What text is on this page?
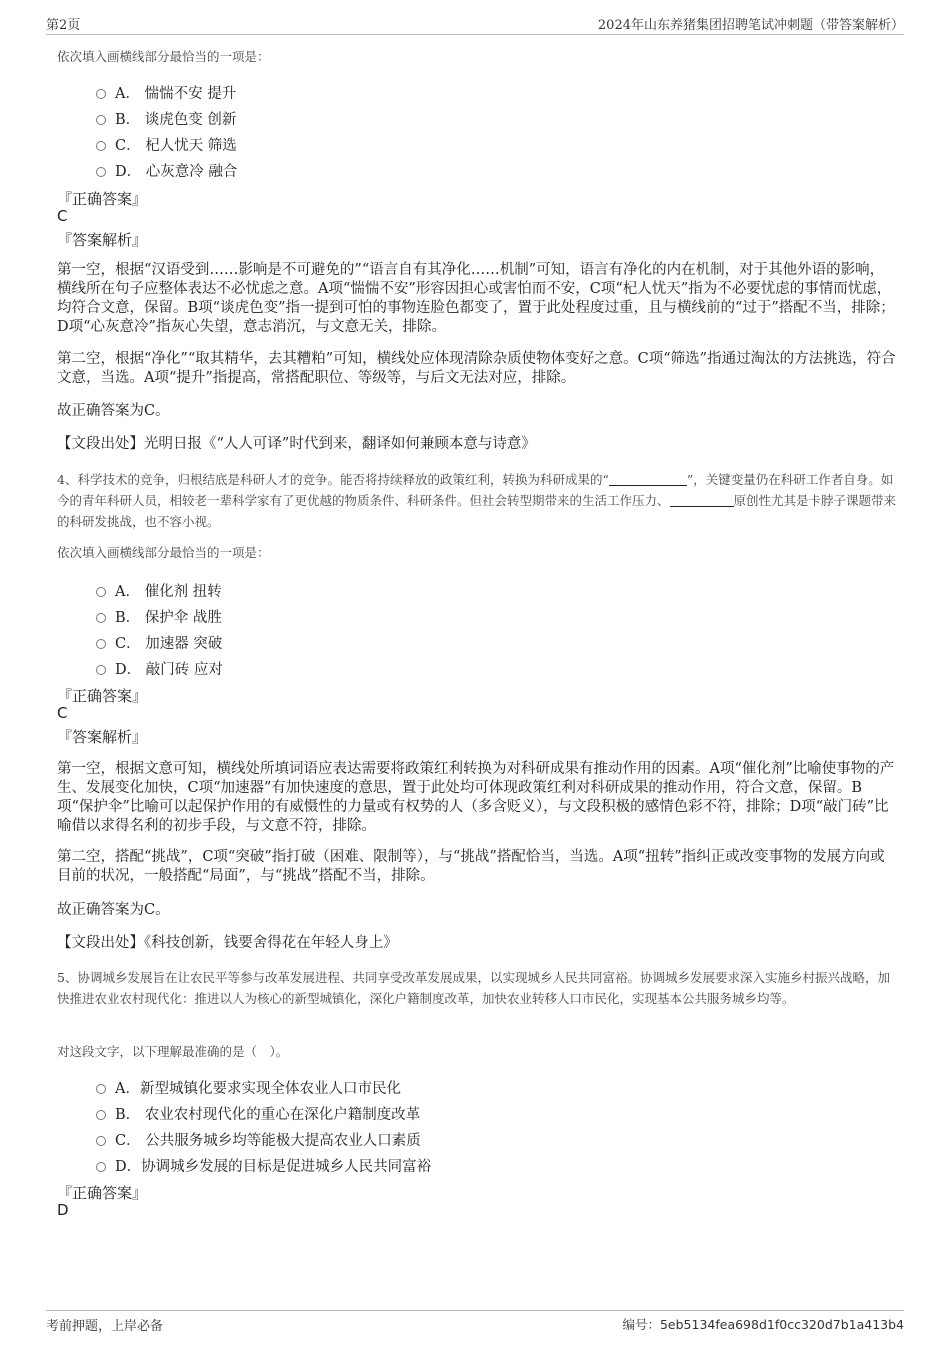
第2页	2024年山东养猪集团招聘笔试冲刺题（带答案解析）
依次填入画横线部分最恰当的一项是：
A． 惴惴不安 提升
B． 谈虎色变 创新
C． 杞人忧天 筛选
D． 心灰意冷 融合
『正确答案』
C
『答案解析』
第一空，根据“汉语受到……影响是不可避免的”“语言自有其净化……机制”可知，语言有净化的内在机制，对于其他外语的影响，横线所在句子应整体表达不必忧虑之意。A项“惴惴不安”形容因担心或害怕而不安，C项“杞人忧天”指为不必要忧虑的事情而忧虑，均符合文意，保留。B项“谈虎色变”指一提到可怕的事物连脸色都变了，置于此处程度过重，且与横线前的“过于”搭配不当，排除；D项“心灰意冷”指灰心失望，意志消沉，与文意无关，排除。
第二空，根据“净化”“取其精华，去其糟粕”可知，横线处应体现清除杂质使物体变好之意。C项“筛选”指通过淘汰的方法挑选，符合文意，当选。A项“提升”指提高，常搭配职位、等级等，与后文无法对应，排除。
故正确答案为C。
【文段出处】光明日报《“人人可译”时代到来，翻译如何兼顾本意与诗意》
4、科学技术的竞争，归根结底是科研人才的竞争。能否将持续释放的政策红利，转换为科研成果的“	”，关键变量仍在科研工作者自身。如今的青年科研人员，相较老一辈科学家有了更优越的物质条件、科研条件。但社会转型期带来的生活工作压力、	原创性尤其是卡脖子课题带来的科研发挑战，也不容小视。
依次填入画横线部分最恰当的一项是：
A． 催化剂 扭转
B． 保护伞 战胜
C． 加速器 突破
D． 敲门砖 应对
『正确答案』
C
『答案解析』
第一空，根据文意可知，横线处所填词语应表达需要将政策红利转换为对科研成果有推动作用的因素。A项“催化剂”比喻使事物的产生、发展变化加快，C项“加速器”有加快速度的意思，置于此处均可体现政策红利对科研成果的推动作用，符合文意，保留。B项“保护伞”比喻可以起保护作用的有威慑性的力量或有权势的人（多含贬义），与文段积极的感情色彩不符，排除；D项“敲门砖”比喻借以求得名利的初步手段，与文意不符，排除。
第二空，搭配“挑战”，C项“突破”指打破（困难、限制等），与“挑战”搭配恰当，当选。A项“扭转”指纠正或改变事物的发展方向或目前的状况，一般搭配“局面”，与“挑战”搭配不当，排除。
故正确答案为C。
【文段出处】《科技创新，钱要舍得花在年轻人身上》
5、协调城乡发展旨在让农民平等参与改革发展进程、共同享受改革发展成果，以实现城乡人民共同富裕。协调城乡发展要求深入实施乡村振兴战略，加快推进农业农村现代化：推进以人为核心的新型城镇化，深化户籍制度改革，加快农业转移人口市民化，实现基本公共服务城乡均等。
对这段文字，以下理解最准确的是（　）。
A．新型城镇化要求实现全体农业人口市民化
B． 农业农村现代化的重心在深化户籍制度改革
C． 公共服务城乡均等能极大提高农业人口素质
D．协调城乡发展的目标是促进城乡人民共同富裕
『正确答案』
D
考前押题，上岸必备	编号：5eb5134fea698d1f0cc320d7b1a413b4
